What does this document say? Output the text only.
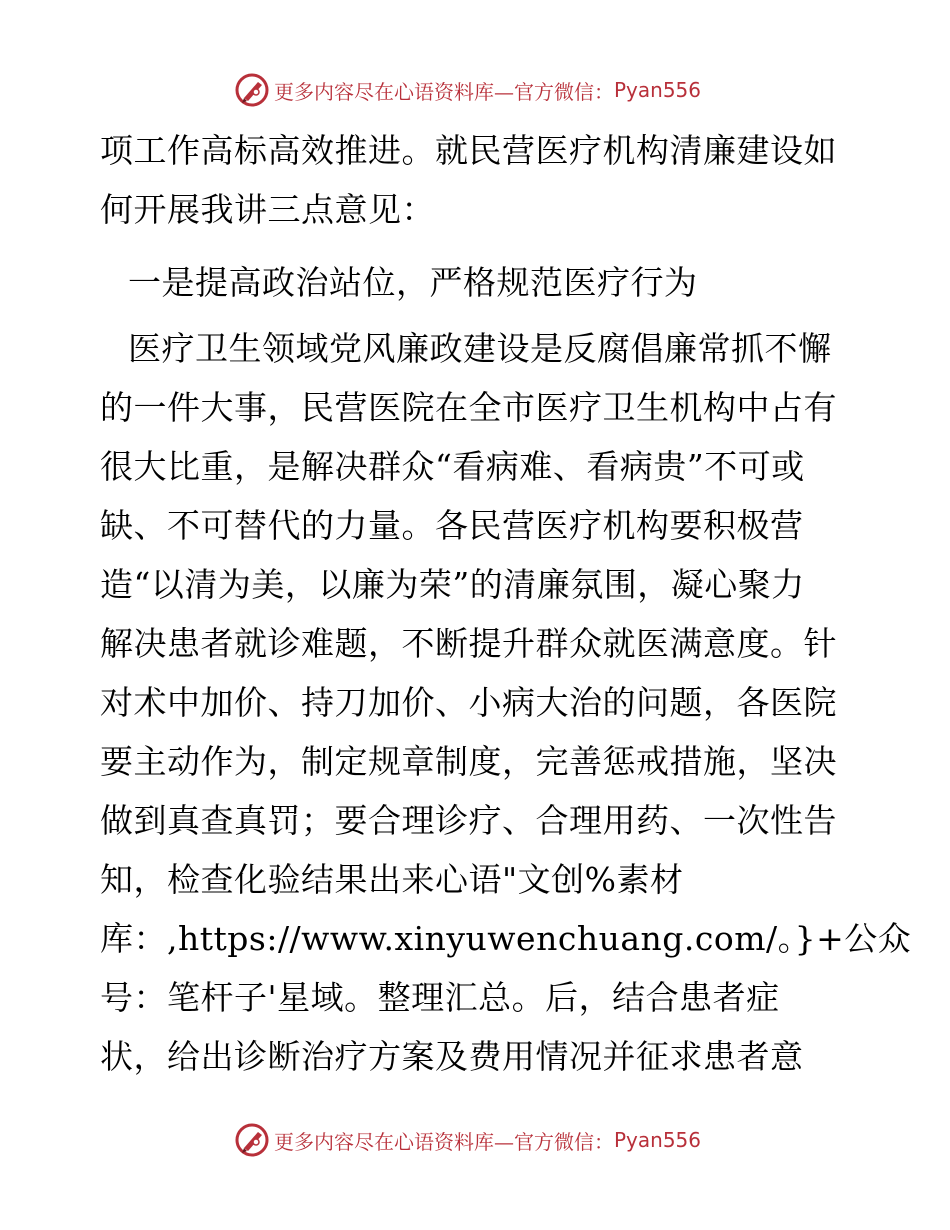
更多内容尽在心语资料库—官方微信： Pyan556
项工作高标高效推进。就民营医疗机构清廉建设如
何开展我讲三点意见：
一是提高政治站位，严格规范医疗行为
医疗卫生领域党风廉政建设是反腐倡廉常抓不懈
的一件大事，民营医院在全市医疗卫生机构中占有
很大比重，是解决群众“看病难、看病贵”不可或
缺、不可替代的力量。各民营医疗机构要积极营
造“以清为美，以廉为荣”的清廉氛围，凝心聚力
解决患者就诊难题，不断提升群众就医满意度。针
对术中加价、持刀加价、小病大治的问题，各医院
要主动作为，制定规章制度，完善惩戒措施，坚决
做到真查真罚；要合理诊疗、合理用药、一次性告
知，检查化验结果出来心语"文创%素材
库：,https://www.xinyuwenchuang.com/。}+公众
号：笔杆子'星域。整理汇总。后，结合患者症
状，给出诊断治疗方案及费用情况并征求患者意
更多内容尽在心语资料库—官方微信： Pyan556
